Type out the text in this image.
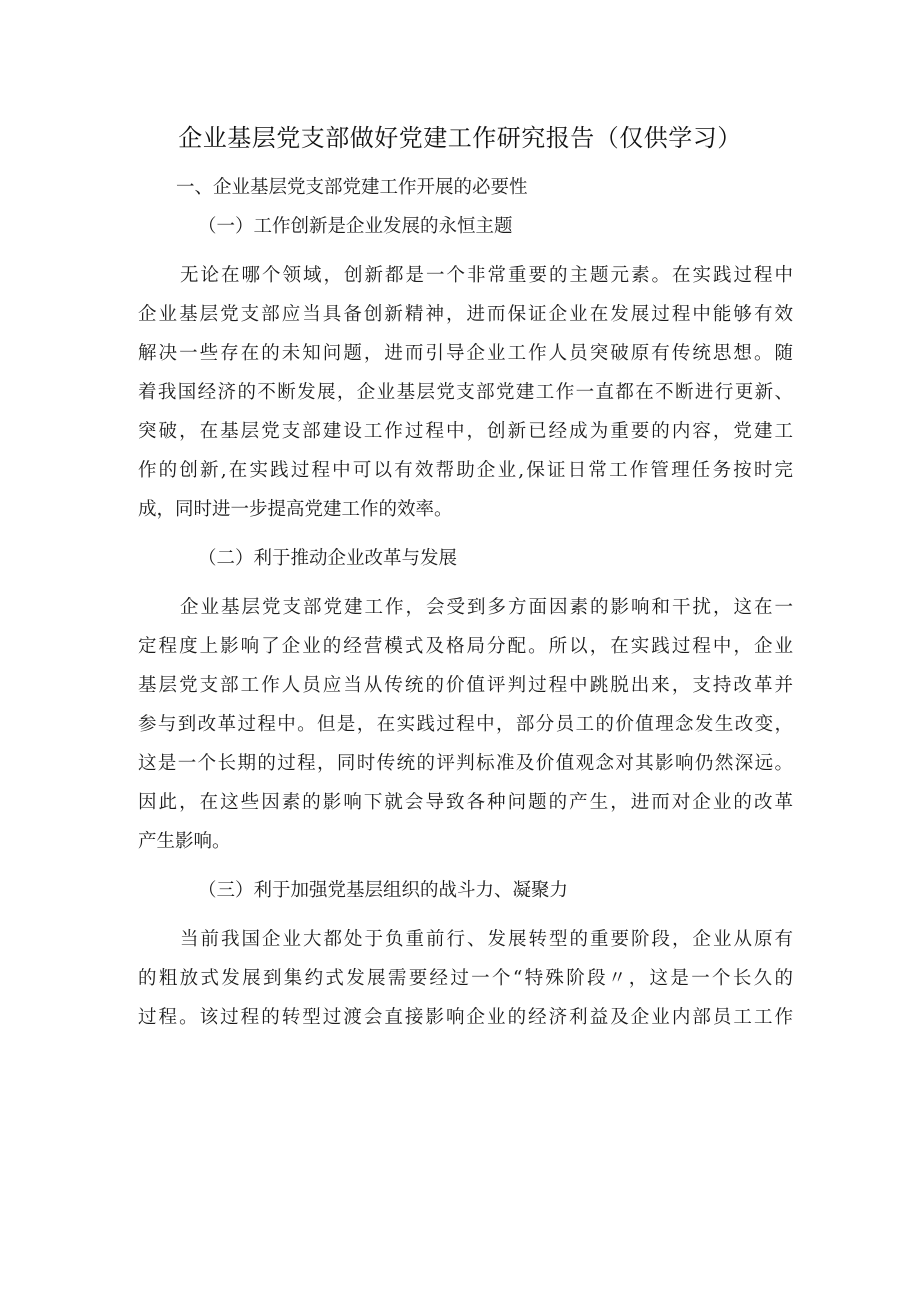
企业基层党支部做好党建工作研究报告（仅供学习）
一、企业基层党支部党建工作开展的必要性
（一）工作创新是企业发展的永恒主题
无论在哪个领域，创新都是一个非常重要的主题元素。在实践过程中
企业基层党支部应当具备创新精神，进而保证企业在发展过程中能够有效
解决一些存在的未知问题，进而引导企业工作人员突破原有传统思想。随
着我国经济的不断发展，企业基层党支部党建工作一直都在不断进行更新、
突破，在基层党支部建设工作过程中，创新已经成为重要的内容，党建工
作的创新,在实践过程中可以有效帮助企业,保证日常工作管理任务按时完
成，同时进一步提高党建工作的效率。
（二）利于推动企业改革与发展
企业基层党支部党建工作，会受到多方面因素的影响和干扰，这在一
定程度上影响了企业的经营模式及格局分配。所以，在实践过程中，企业
基层党支部工作人员应当从传统的价值评判过程中跳脱出来，支持改革并
参与到改革过程中。但是，在实践过程中，部分员工的价值理念发生改变，
这是一个长期的过程，同时传统的评判标准及价值观念对其影响仍然深远。
因此，在这些因素的影响下就会导致各种问题的产生，进而对企业的改革
产生影响。
（三）利于加强党基层组织的战斗力、凝聚力
当前我国企业大都处于负重前行、发展转型的重要阶段，企业从原有
的粗放式发展到集约式发展需要经过一个“特殊阶段〃，这是一个长久的
过程。该过程的转型过渡会直接影响企业的经济利益及企业内部员工工作
